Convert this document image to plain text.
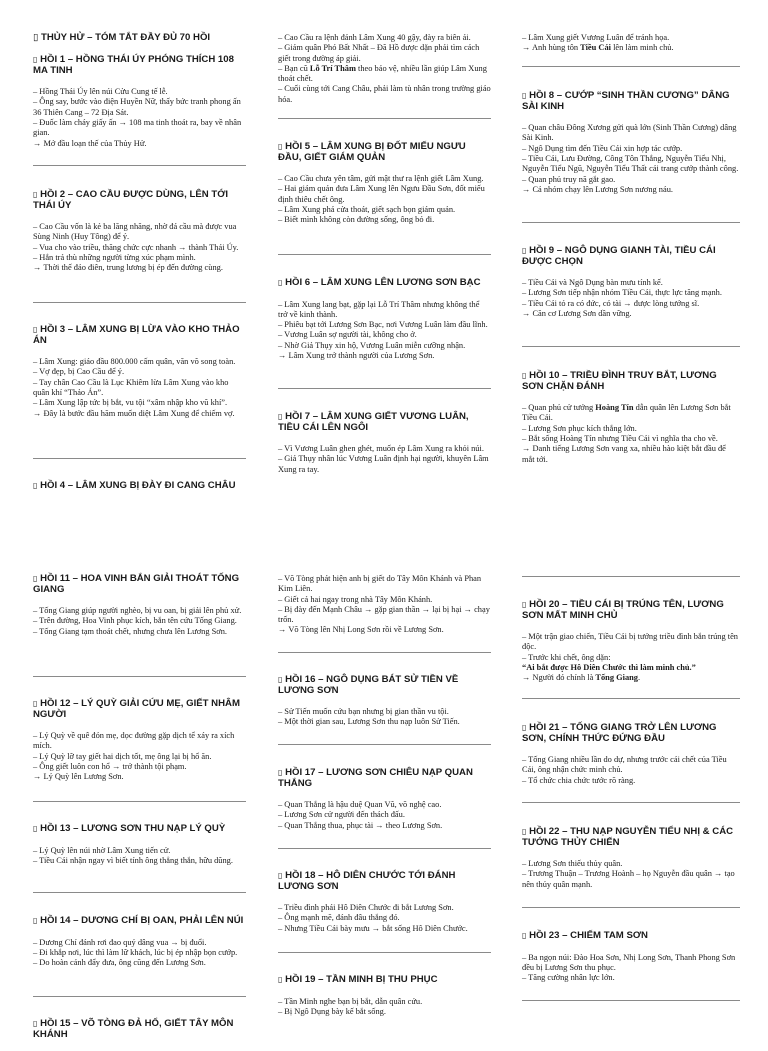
▯ THỦY HỬ – TÓM TẮT ĐẦY ĐỦ 70 HỒI
▯ HỒI 1 – HỒNG THÁI ÚY PHÓNG THÍCH 108 MA TINH

– Hồng Thái Úy lên núi Cửu Cung tế lễ.

– Ông say, bước vào điện Huyền Nữ, thấy bức tranh phong ấn 36 Thiên Cang – 72 Địa Sát.

– Đuốc làm cháy giấy ấn → 108 ma tinh thoát ra, bay về nhân gian.

→ Mở đầu loạn thế của Thủy Hử.

▯ HỒI 2 – CAO CẦU ĐƯỢC DÙNG, LÊN TỚI THÁI ÚY

– Cao Cầu vốn là kẻ ba lăng nhăng, nhờ đá cầu mà được vua Sùng Ninh (Huy Tông) để ý.

– Vua cho vào triều, thăng chức cực nhanh → thành Thái Úy.

– Hắn trả thù những người từng xúc phạm mình.

→ Thời thế đảo điên, trung lương bị ép đến đường cùng.

▯ HỒI 3 – LÂM XUNG BỊ LỪA VÀO KHO THẢO ÁN

– Lâm Xung: giáo đầu 800.000 cấm quân, văn võ song toàn.

– Vợ đẹp, bị Cao Cầu để ý.

– Tay chân Cao Cầu là Lục Khiêm lừa Lâm Xung vào kho quân khí “Thảo Án”.

– Lâm Xung lập tức bị bắt, vu tội “xâm nhập kho vũ khí”.

→ Đây là bước đầu hãm muốn diệt Lâm Xung để chiếm vợ.

▯ HỒI 4 – LÂM XUNG BỊ ĐÀY ĐI CANG CHÂU

– Cao Cầu ra lệnh đánh Lâm Xung 40 gậy, đày ra biên ải.

– Giám quân Phó Bất Nhất – Đã Hồ được dặn phải tìm cách giết trong đường áp giải.

– Bạn cũ Lỗ Trí Thâm theo bảo vệ, nhiều lần giúp Lâm Xung thoát chết.

– Cuối cùng tới Cang Châu, phải làm tù nhân trong trường giáo hóa.

▯ HỒI 5 – LÂM XUNG BỊ ĐỐT MIẾU NGƯU ĐẦU, GIẾT GIÁM QUẢN

– Cao Cầu chưa yên tâm, gửi mật thư ra lệnh giết Lâm Xung.

– Hai giám quản đưa Lâm Xung lên Ngưu Đầu Sơn, đốt miếu định thiêu chết ông.

– Lâm Xung phá cửa thoát, giết sạch bọn giám quản.

– Biết mình không còn đường sống, ông bỏ đi.

▯ HỒI 6 – LÂM XUNG LÊN LƯƠNG SƠN BẠC

– Lâm Xung lang bạt, gặp lại Lỗ Trí Thâm nhưng không thể trở về kinh thành.

– Phiêu bạt tới Lương Sơn Bạc, nơi Vương Luân làm đầu lĩnh.

– Vương Luân sợ người tài, không cho ở.

– Nhờ Giả Thụy xin hộ, Vương Luân miễn cưỡng nhận.

→ Lâm Xung trở thành người của Lương Sơn.

▯ HỒI 7 – LÂM XUNG GIẾT VƯƠNG LUÂN, TIỀU CÁI LÊN NGÔI

– Vì Vương Luân ghen ghét, muốn ép Lâm Xung ra khỏi núi.

– Giả Thụy nhân lúc Vương Luân định hại người, khuyên Lâm Xung ra tay.

– Lâm Xung giết Vương Luân để tránh họa.

→ Anh hùng tôn Tiều Cái lên làm minh chủ.

▯ HỒI 8 – CƯỚP “SINH THẦN CƯƠNG” DÂNG SÀI KINH

– Quan châu Đông Xương gửi quà lớn (Sinh Thần Cương) dâng Sài Kinh.

– Ngô Dụng tìm đến Tiều Cái xin hợp tác cướp.

– Tiều Cái, Lưu Đường, Công Tôn Thắng, Nguyễn Tiểu Nhị, Nguyễn Tiểu Ngũ, Nguyễn Tiểu Thất cải trang cướp thành công.

– Quan phủ truy nã gắt gao.

→ Cả nhóm chạy lên Lương Sơn nương náu.

▯ HỒI 9 – NGÔ DỤNG GIANH TÀI, TIỀU CÁI ĐƯỢC CHỌN

– Tiều Cái và Ngô Dụng bàn mưu tính kế.

– Lương Sơn tiếp nhận nhóm Tiều Cái, thực lực tăng mạnh.

– Tiều Cái tỏ ra có đức, có tài → được lòng tướng sĩ.

→ Căn cơ Lương Sơn dần vững.

▯ HỒI 10 – TRIỀU ĐÌNH TRUY BẮT, LƯƠNG SƠN CHẶN ĐÁNH

– Quan phủ cử tướng Hoàng Tín dẫn quân lên Lương Sơn bắt Tiều Cái.

– Lương Sơn phục kích thắng lớn.

– Bắt sống Hoàng Tín nhưng Tiều Cái vì nghĩa tha cho về.

→ Danh tiếng Lương Sơn vang xa, nhiều hào kiệt bắt đầu để mắt tới.

▯ HỒI 11 – HOA VINH BẮN GIẢI THOÁT TỐNG GIANG

– Tống Giang giúp người nghèo, bị vu oan, bị giải lên phủ xử.

– Trên đường, Hoa Vinh phục kích, bắn tên cứu Tống Giang.

– Tống Giang tạm thoát chết, nhưng chưa lên Lương Sơn.

▯ HỒI 12 – LÝ QUỲ GIẢI CỨU MẸ, GIẾT NHÂM NGƯỜI

– Lý Quỳ về quê đón mẹ, dọc đường gặp dịch tể xáy ra xích mích.

– Lý Quỳ lỡ tay giết hai dịch tốt, mẹ ông lại bị hổ ăn.

– Ông giết luôn con hổ → trở thành tội phạm.

→ Lý Quỳ lên Lương Sơn.

▯ HỒI 13 – LƯƠNG SƠN THU NẠP LÝ QUỲ

– Lý Quỳ lên núi nhờ Lâm Xung tiến cử.

– Tiều Cái nhận ngay vì biết tính ông thẳng thắn, hữu dũng.

▯ HỒI 14 – DƯƠNG CHÍ BỊ OAN, PHẢI LÊN NÚI

– Dương Chí đánh rơi đao quý dâng vua → bị đuổi.

– Đi khắp nơi, lúc thì làm lữ khách, lúc bị ép nhập bọn cướp.

– Do hoàn cảnh đẩy đưa, ông cũng đến Lương Sơn.

▯ HỒI 15 – VÕ TÒNG ĐẢ HỔ, GIẾT TÂY MÔN KHÁNH

– Võ Tòng phát hiện anh bị giết do Tây Môn Khánh và Phan Kim Liên.

– Giết cả hai ngay trong nhà Tây Môn Khánh.

– Bị đày đến Mạnh Châu → gặp gian thần → lại bị hại → chạy trốn.

→ Võ Tòng lên Nhị Long Sơn rồi về Lương Sơn.

▯ HỒI 16 – NGÔ DỤNG BÁT SỬ TIỀN VỀ LƯƠNG SƠN

– Sử Tiến muốn cứu bạn nhưng bị gian thần vu tội.

– Một thời gian sau, Lương Sơn thu nạp luôn Sử Tiến.

▯ HỒI 17 – LƯƠNG SƠN CHIÊU NẠP QUAN THẮNG

– Quan Thắng là hậu duệ Quan Vũ, võ nghệ cao.

– Lương Sơn cử người đến thách đấu.

– Quan Thắng thua, phục tài → theo Lương Sơn.

▯ HỒI 18 – HÔ DIÊN CHƯỚC TỚI ĐÁNH LƯƠNG SƠN

– Triều đình phái Hô Diên Chước đi bắt Lương Sơn.

– Ông mạnh mẽ, đánh đâu thắng đó.

– Nhưng Tiều Cái bày mưu → bắt sống Hô Diên Chước.

▯ HỒI 19 – TẦN MINH BỊ THU PHỤC

– Tần Minh nghe bạn bị bắt, dẫn quân cứu.

– Bị Ngô Dụng bày kế bắt sống.

▯ HỒI 20 – TIỀU CÁI BỊ TRÚNG TÊN, LƯƠNG SƠN MẤT MINH CHỦ

– Một trận giao chiến, Tiều Cái bị tướng triều đình bắn trúng tên độc.

– Trước khi chết, ông dặn:

“Ai bắt được Hô Diên Chước thì làm minh chủ.”

→ Người đó chính là Tống Giang.

▯ HỒI 21 – TỐNG GIANG TRỞ LÊN LƯƠNG SƠN, CHÍNH THỨC ĐỨNG ĐẦU

– Tống Giang nhiều lần do dự, nhưng trước cái chết của Tiều Cái, ông nhận chức minh chủ.

– Tổ chức chia chức tước rõ ràng.

▯ HỒI 22 – THU NẠP NGUYỄN TIỂU NHỊ & CÁC TƯỚNG THỦY CHIẾN

– Lương Sơn thiếu thủy quân.

– Trương Thuận – Trương Hoành – họ Nguyễn đầu quân → tạo nên thủy quân mạnh.

▯ HỒI 23 – CHIẾM TAM SƠN

– Ba ngọn núi: Đào Hoa Sơn, Nhị Long Sơn, Thanh Phong Sơn đều bị Lương Sơn thu phục.

– Tăng cường nhân lực lớn.
